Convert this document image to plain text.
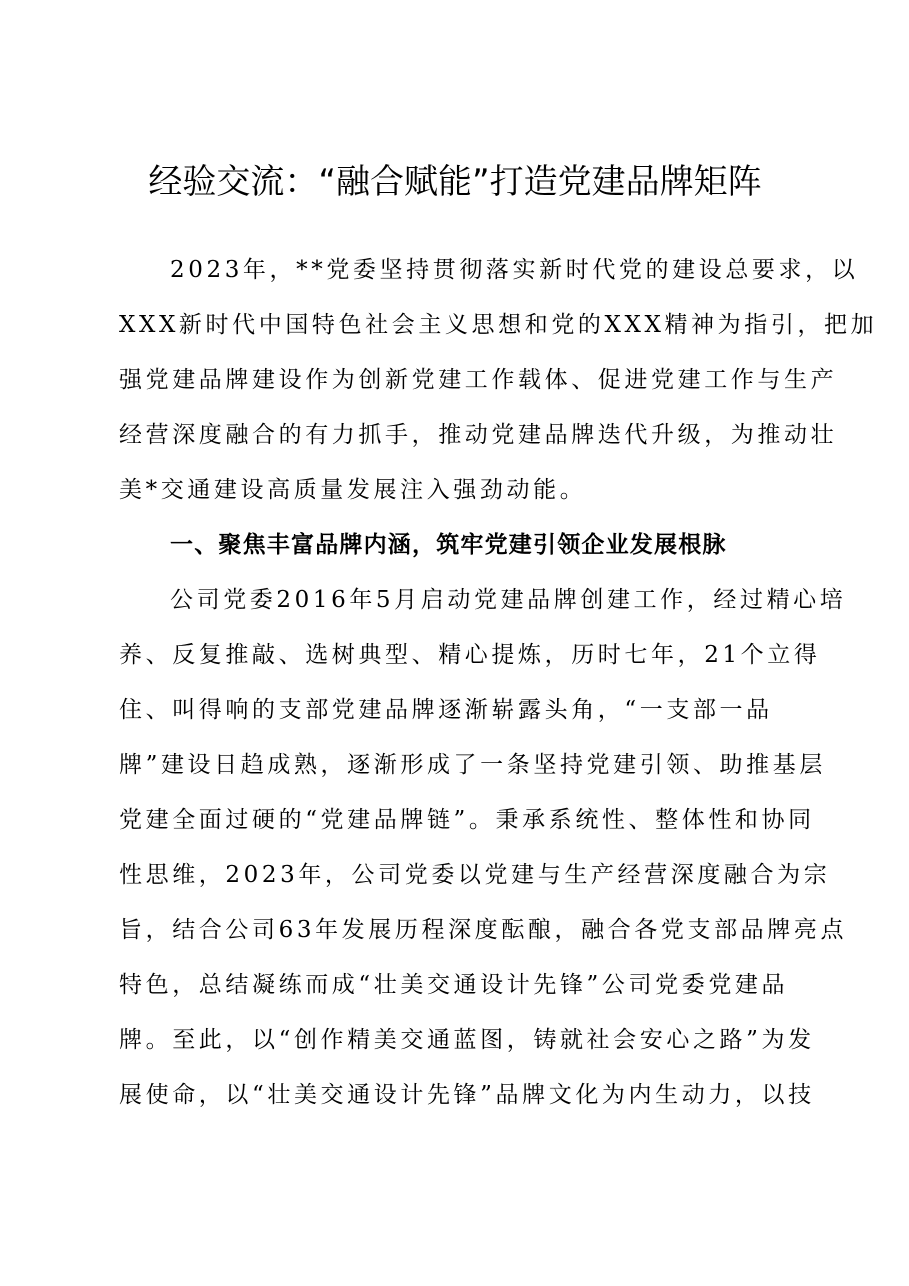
经验交流：“融合赋能”打造党建品牌矩阵
2023年，**党委坚持贯彻落实新时代党的建设总要求，以
XXX新时代中国特色社会主义思想和党的XXX精神为指引，把加
强党建品牌建设作为创新党建工作载体、促进党建工作与生产
经营深度融合的有力抓手，推动党建品牌迭代升级，为推动壮
美*交通建设高质量发展注入强劲动能。
一、聚焦丰富品牌内涵，筑牢党建引领企业发展根脉
公司党委2016年5月启动党建品牌创建工作，经过精心培
养、反复推敲、选树典型、精心提炼，历时七年，21个立得
住、叫得响的支部党建品牌逐渐崭露头角，“一支部一品
牌”建设日趋成熟，逐渐形成了一条坚持党建引领、助推基层
党建全面过硬的“党建品牌链”。秉承系统性、整体性和协同
性思维，2023年，公司党委以党建与生产经营深度融合为宗
旨，结合公司63年发展历程深度酝酿，融合各党支部品牌亮点
特色，总结凝练而成“壮美交通设计先锋”公司党委党建品
牌。至此，以“创作精美交通蓝图，铸就社会安心之路”为发
展使命，以“壮美交通设计先锋”品牌文化为内生动力，以技
